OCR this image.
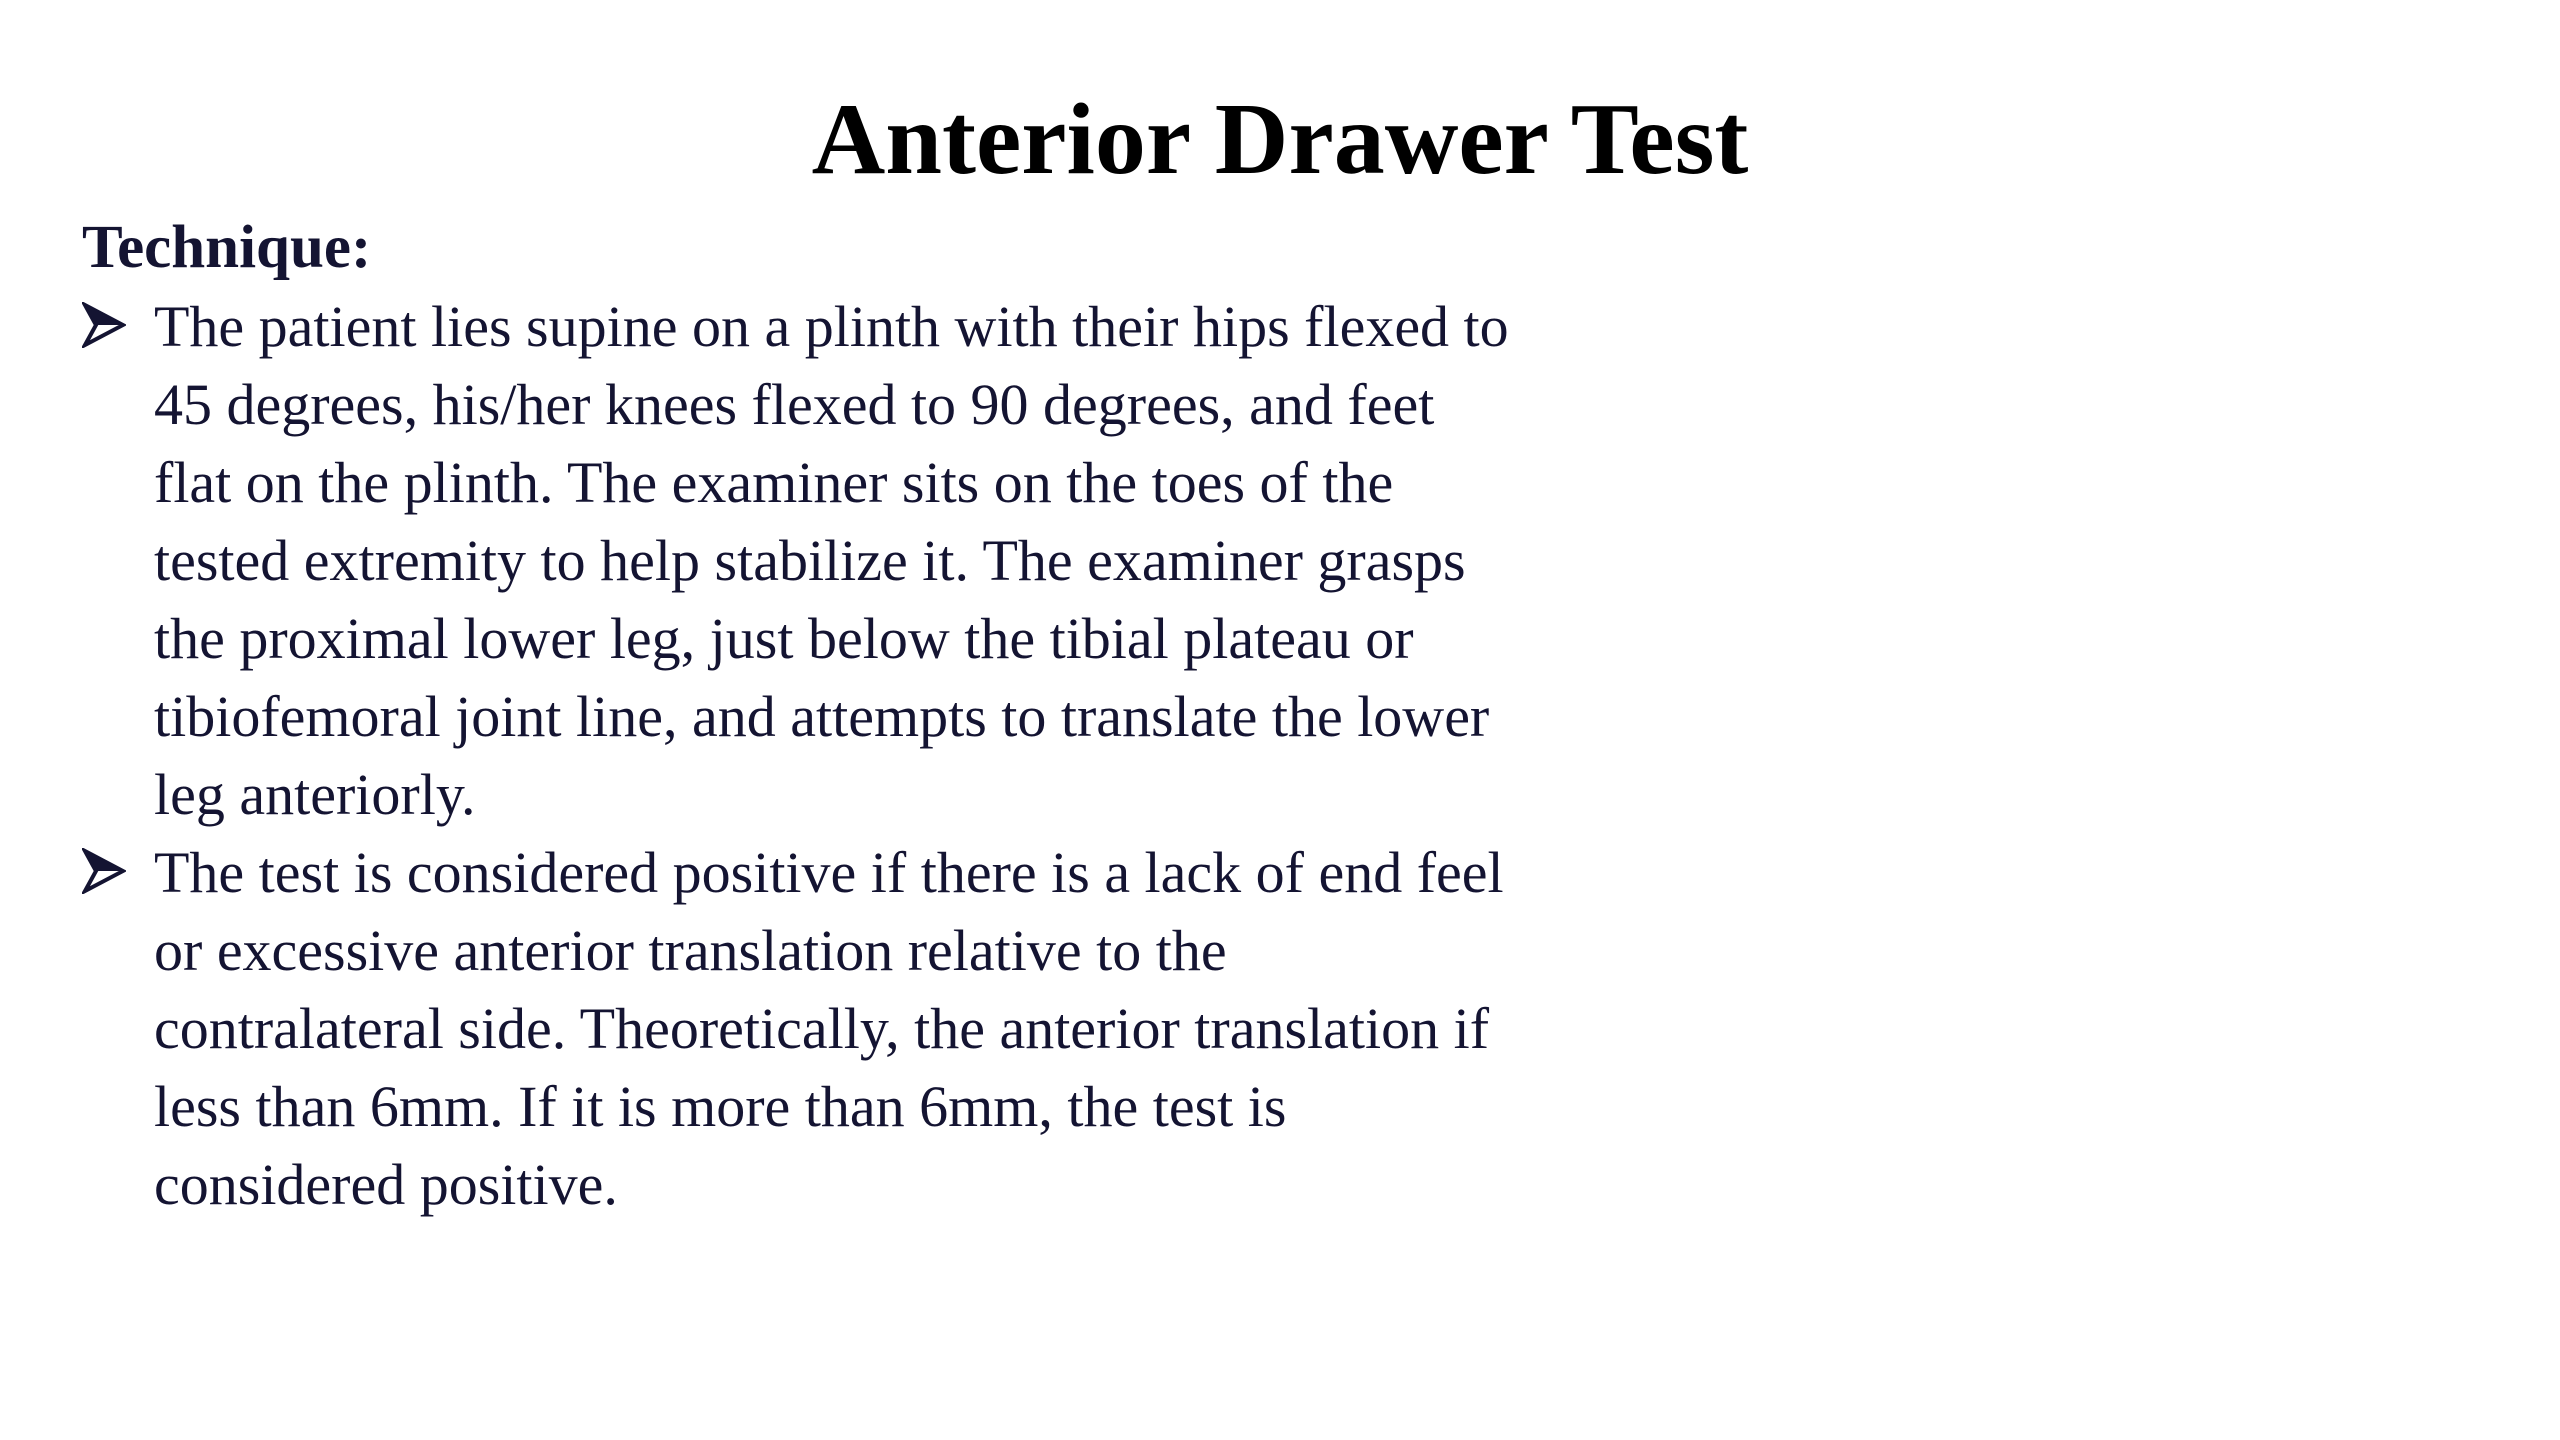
Anterior Drawer Test
Technique:
The patient lies supine on a plinth with their hips flexed to 45 degrees, his/her knees flexed to 90 degrees, and feet flat on the plinth. The examiner sits on the toes of the tested extremity to help stabilize it. The examiner grasps the proximal lower leg, just below the tibial plateau or tibiofemoral joint line, and attempts to translate the lower leg anteriorly.
The test is considered positive if there is a lack of end feel or excessive anterior translation relative to the contralateral side. Theoretically, the anterior translation if less than 6mm. If it is more than 6mm, the test is considered positive.
